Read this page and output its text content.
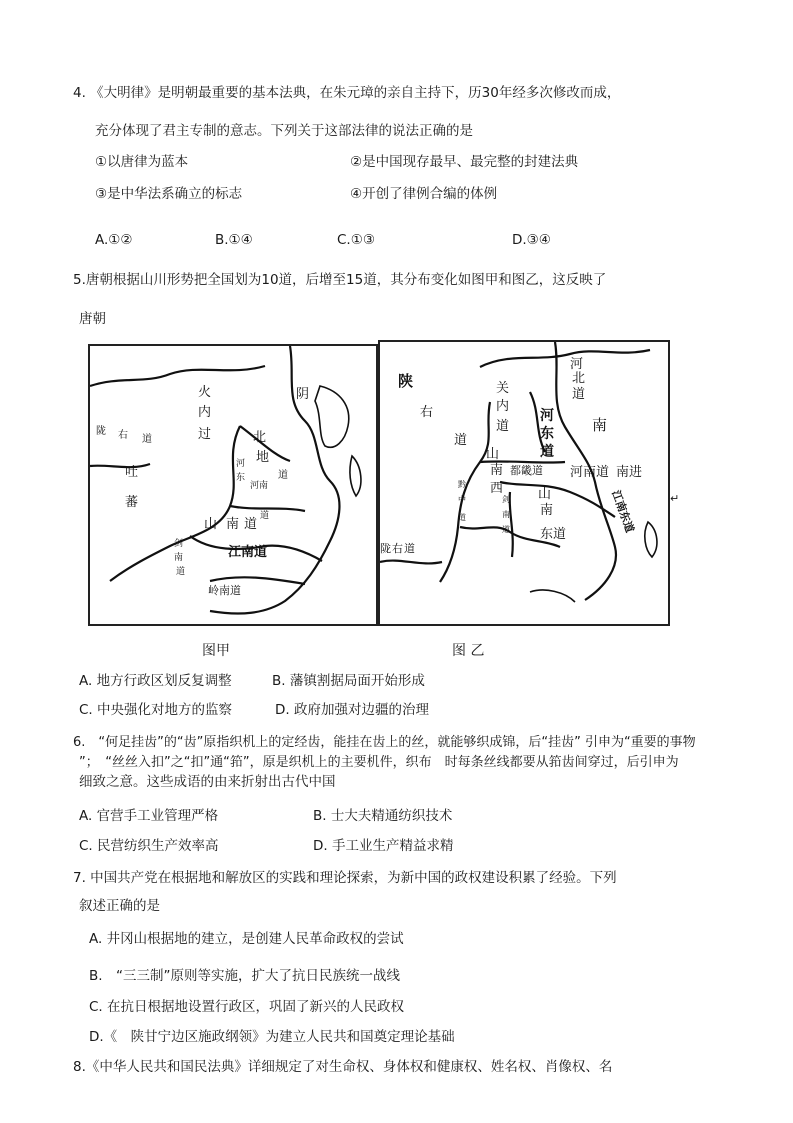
4. 《大明律》是明朝最重要的基本法典，在朱元璋的亲自主持下，历30年经多次修改而成，
充分体现了君主专制的意志。下列关于这部法律的说法正确的是
①以唐律为蓝本	②是中国现存最早、最完整的封建法典
③是中华法系确立的标志	④开创了律例合编的体例
A.①②	B.①④	C.①③	D.③④
5.唐朝根据山川形势把全国划为10道，后增至15道，其分布变化如图甲和图乙，这反映了
唐朝
火
内
过
陇 右 道
吐
蕃
阴
北
地
道
河
东
河南
道
山 南 道
剑
南
道
江南道
岭南道
陕
右
道
关
内
道
河
北
道
河
东
道
南
山
南
西
都畿道 河南道 南进
江南东道
山
南
东道
黔
中
道
剑
南
道
陇 右 道
↵
图甲	图 乙
A. 地方行政区划反复调整	B. 藩镇割据局面开始形成
C. 中央强化对地方的监察	D. 政府加强对边疆的治理
6.　“何足挂齿”的“齿”原指织机上的定经齿，能挂在齿上的丝，就能够织成锦，后“挂齿” 引申为“重要的事物
”；　“丝丝入扣”之“扣”通“筘”，原是织机上的主要机件，织布　时每条丝线都要从筘齿间穿过，后引申为
细致之意。这些成语的由来折射出古代中国
A. 官营手工业管理严格	B. 士大夫精通纺织技术
C. 民营纺织生产效率高	D. 手工业生产精益求精
7. 中国共产党在根据地和解放区的实践和理论探索，为新中国的政权建设积累了经验。下列
叙述正确的是
A. 井冈山根据地的建立，是创建人民革命政权的尝试
B.　“三三制”原则等实施，扩大了抗日民族统一战线
C. 在抗日根据地设置行政区，巩固了新兴的人民政权
D.《　陕甘宁边区施政纲领》为建立人民共和国奠定理论基础
8.《中华人民共和国民法典》详细规定了对生命权、身体权和健康权、姓名权、肖像权、名
